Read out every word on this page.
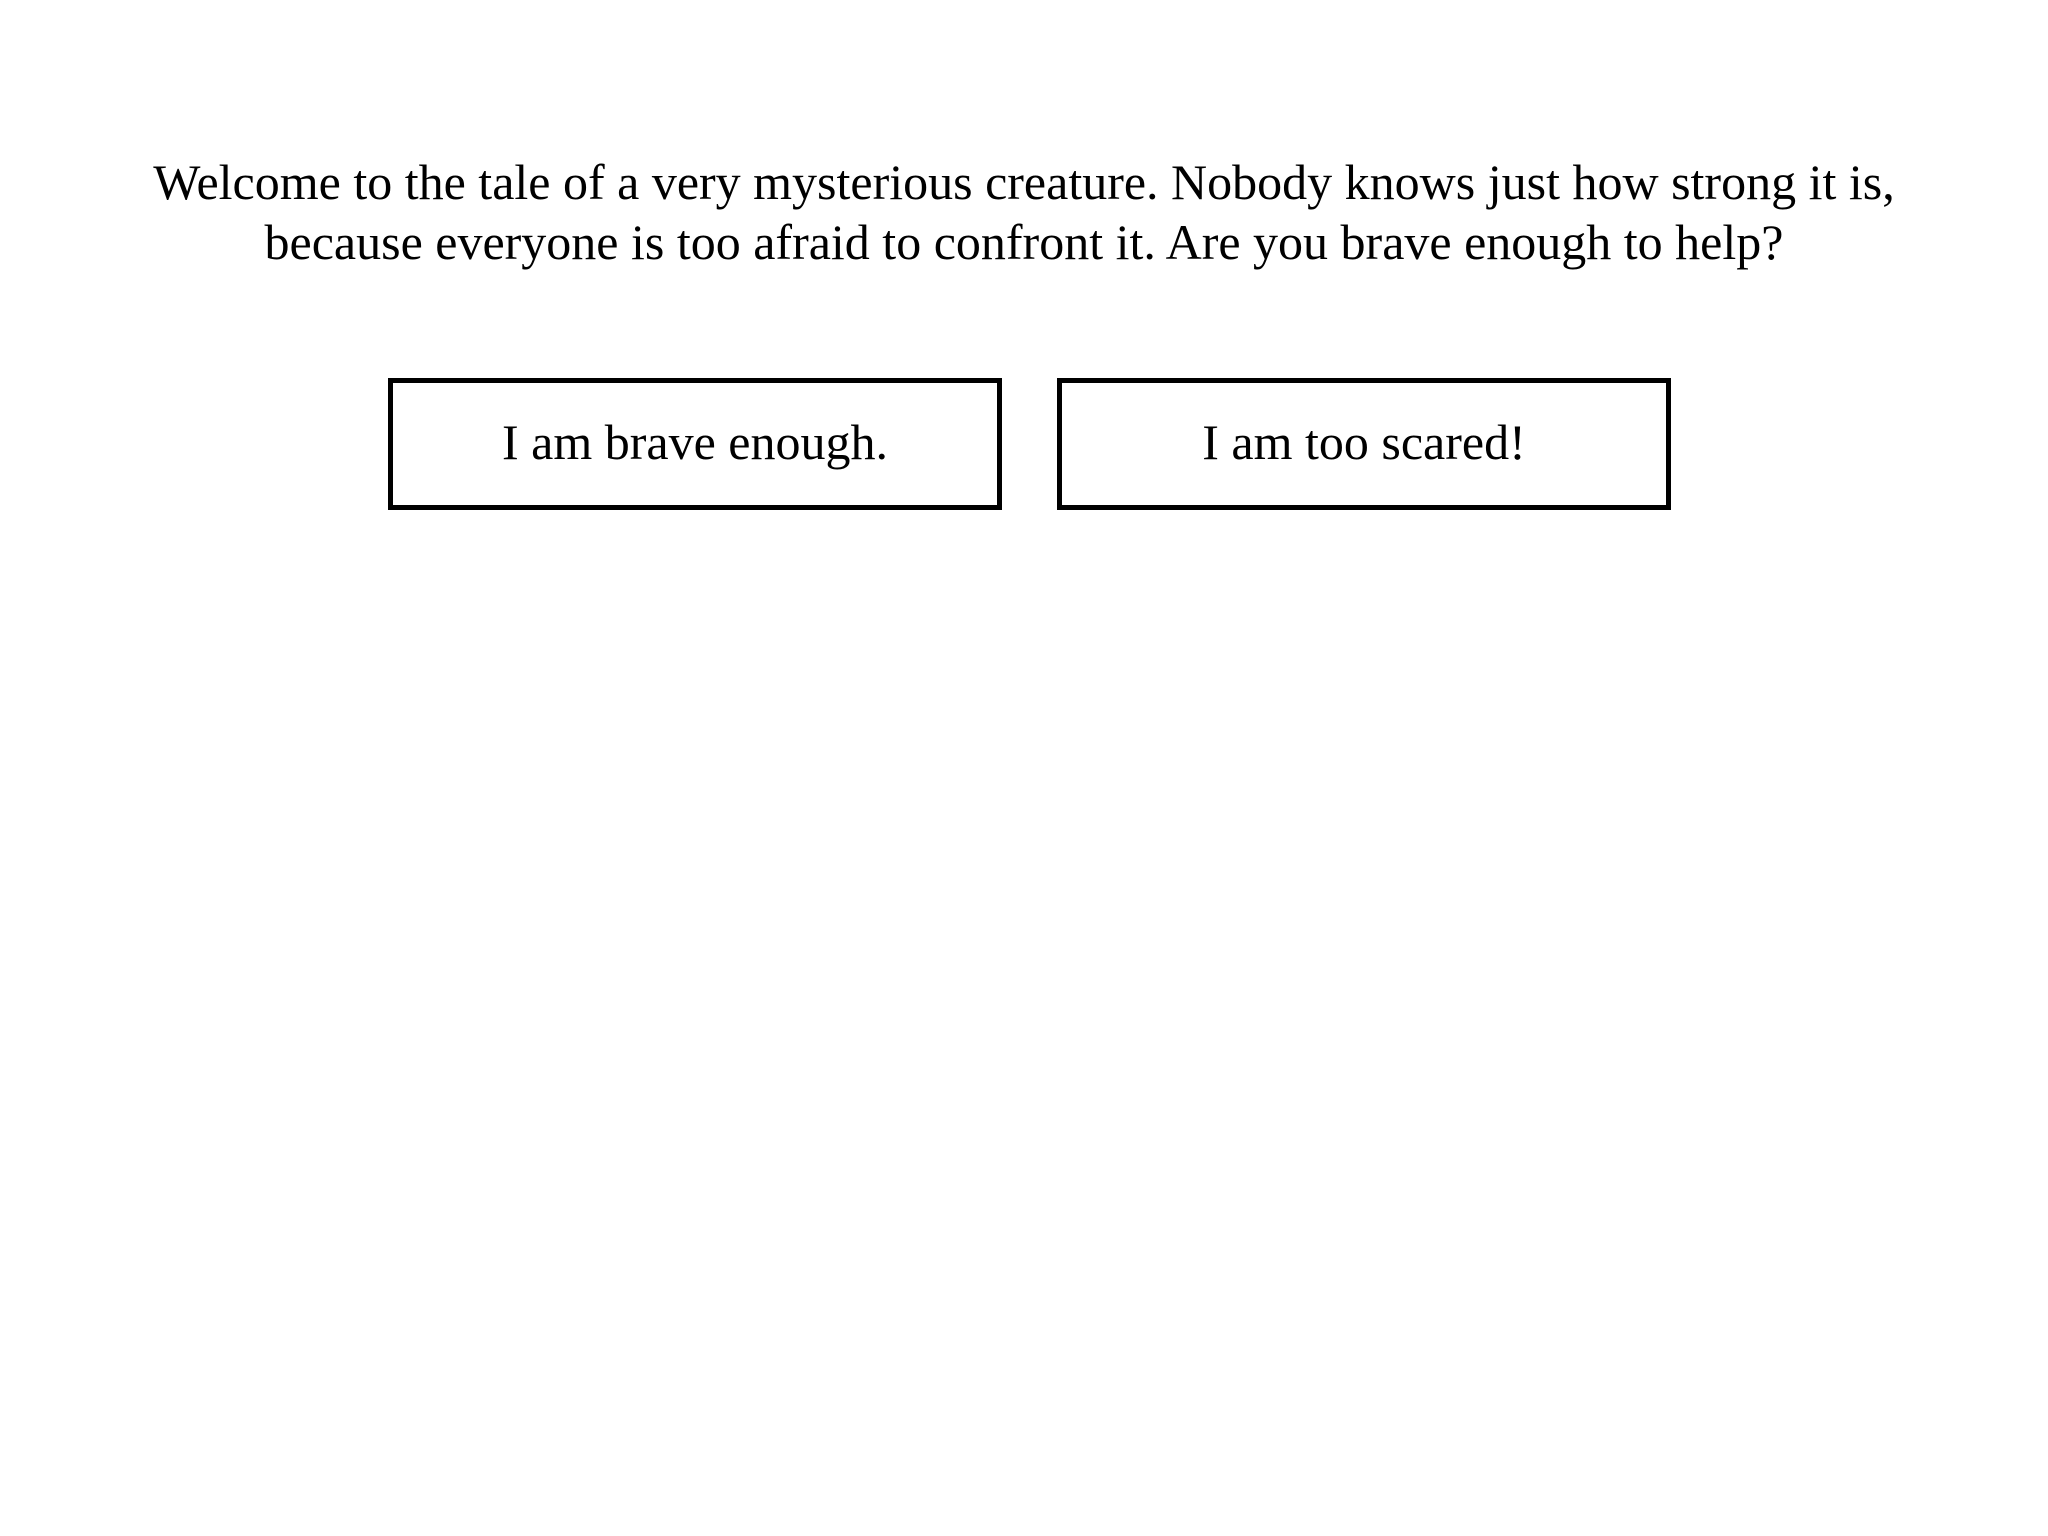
Welcome to the tale of a very mysterious creature. Nobody knows just how strong it is, because everyone is too afraid to confront it. Are you brave enough to help?

I am brave enough.	I am too scared!
